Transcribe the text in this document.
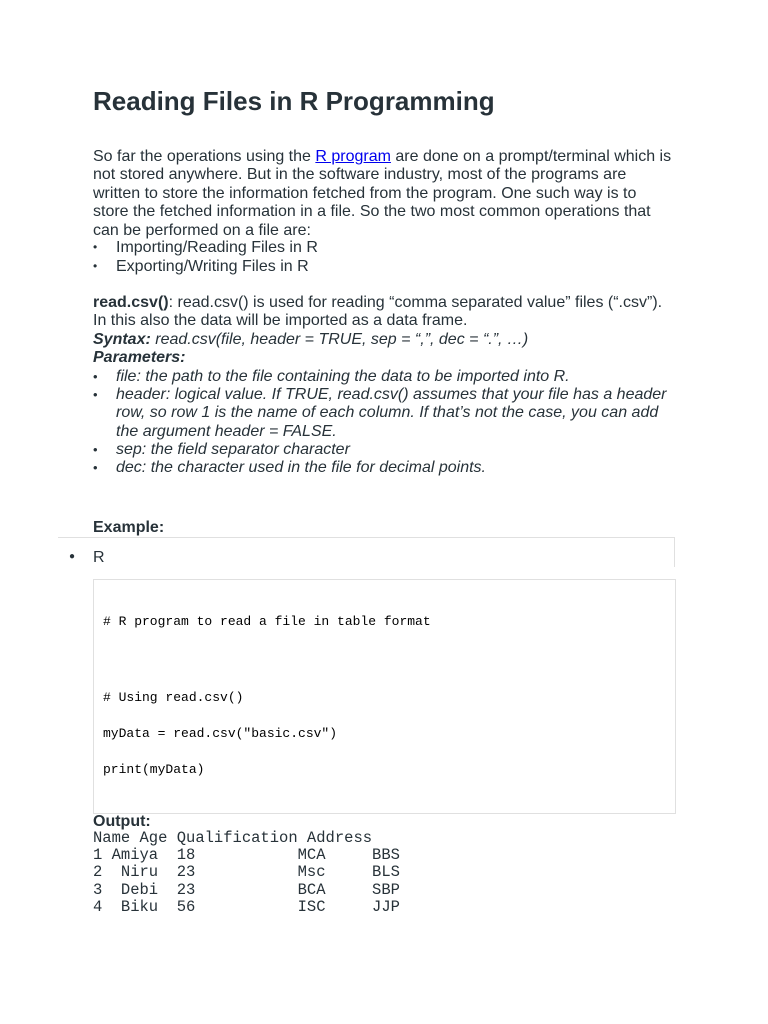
Reading Files in R Programming

So far the operations using the R program are done on a prompt/terminal which is not stored anywhere. But in the software industry, most of the programs are written to store the information fetched from the program. One such way is to store the fetched information in a file. So the two most common operations that can be performed on a file are:

• Importing/Reading Files in R
• Exporting/Writing Files in R

read.csv(): read.csv() is used for reading “comma separated value” files (“.csv”). In this also the data will be imported as a data frame.

Syntax: read.csv(file, header = TRUE, sep = “,”, dec = “.”, …)

Parameters:

• file: the path to the file containing the data to be imported into R.
• header: logical value. If TRUE, read.csv() assumes that your file has a header row, so row 1 is the name of each column. If that’s not the case, you can add the argument header = FALSE.
• sep: the field separator character
• dec: the character used in the file for decimal points.
Example:
● R
# R program to read a file in table format
# Using read.csv()
myData = read.csv("basic.csv")
print(myData)
Output:
Name Age Qualification Address
1 Amiya  18           MCA     BBS
2  Niru  23           Msc     BLS
3  Debi  23           BCA     SBP
4  Biku  56           ISC     JJP
